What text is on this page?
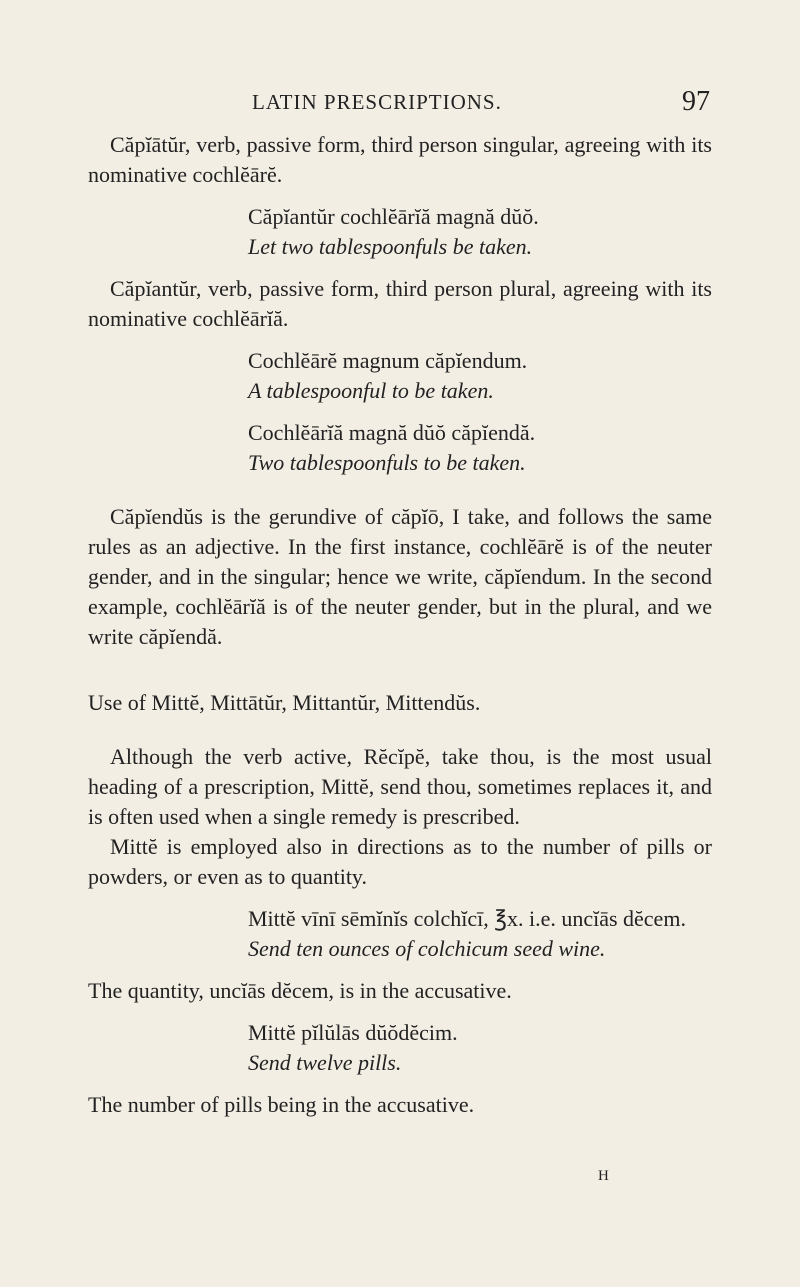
LATIN PRESCRIPTIONS.	97

Căpĭātŭr, verb, passive form, third person singular, agreeing with its nominative cochlĕārĕ.

Căpĭantŭr cochlĕārĭă magnă dŭŏ.

Let two tablespoonfuls be taken.

Căpĭantŭr, verb, passive form, third person plural, agreeing with its nominative cochlĕārĭă.

Cochlĕārĕ magnum căpĭendum.

A tablespoonful to be taken.

Cochlĕārĭă magnă dŭŏ căpĭendă.

Two tablespoonfuls to be taken.

Căpĭendŭs is the gerundive of căpĭō, I take, and follows the same rules as an adjective. In the first instance, cochlĕārĕ is of the neuter gender, and in the singular; hence we write, căpĭendum. In the second example, cochlĕārĭă is of the neuter gender, but in the plural, and we write căpĭendă.

Use of Mittĕ, Mittātŭr, Mittantŭr, Mittendŭs.

Although the verb active, Rĕcĭpĕ, take thou, is the most usual heading of a prescription, Mittĕ, send thou, sometimes replaces it, and is often used when a single remedy is prescribed.

Mittĕ is employed also in directions as to the number of pills or powders, or even as to quantity.

Mittĕ vīnī sēmĭnĭs colchĭcī, ℥x. i.e. uncĭās dĕcem.

Send ten ounces of colchicum seed wine.

The quantity, uncĭās dĕcem, is in the accusative.

Mittĕ pĭlŭlās dŭŏdĕcim.

Send twelve pills.

The number of pills being in the accusative.

H
